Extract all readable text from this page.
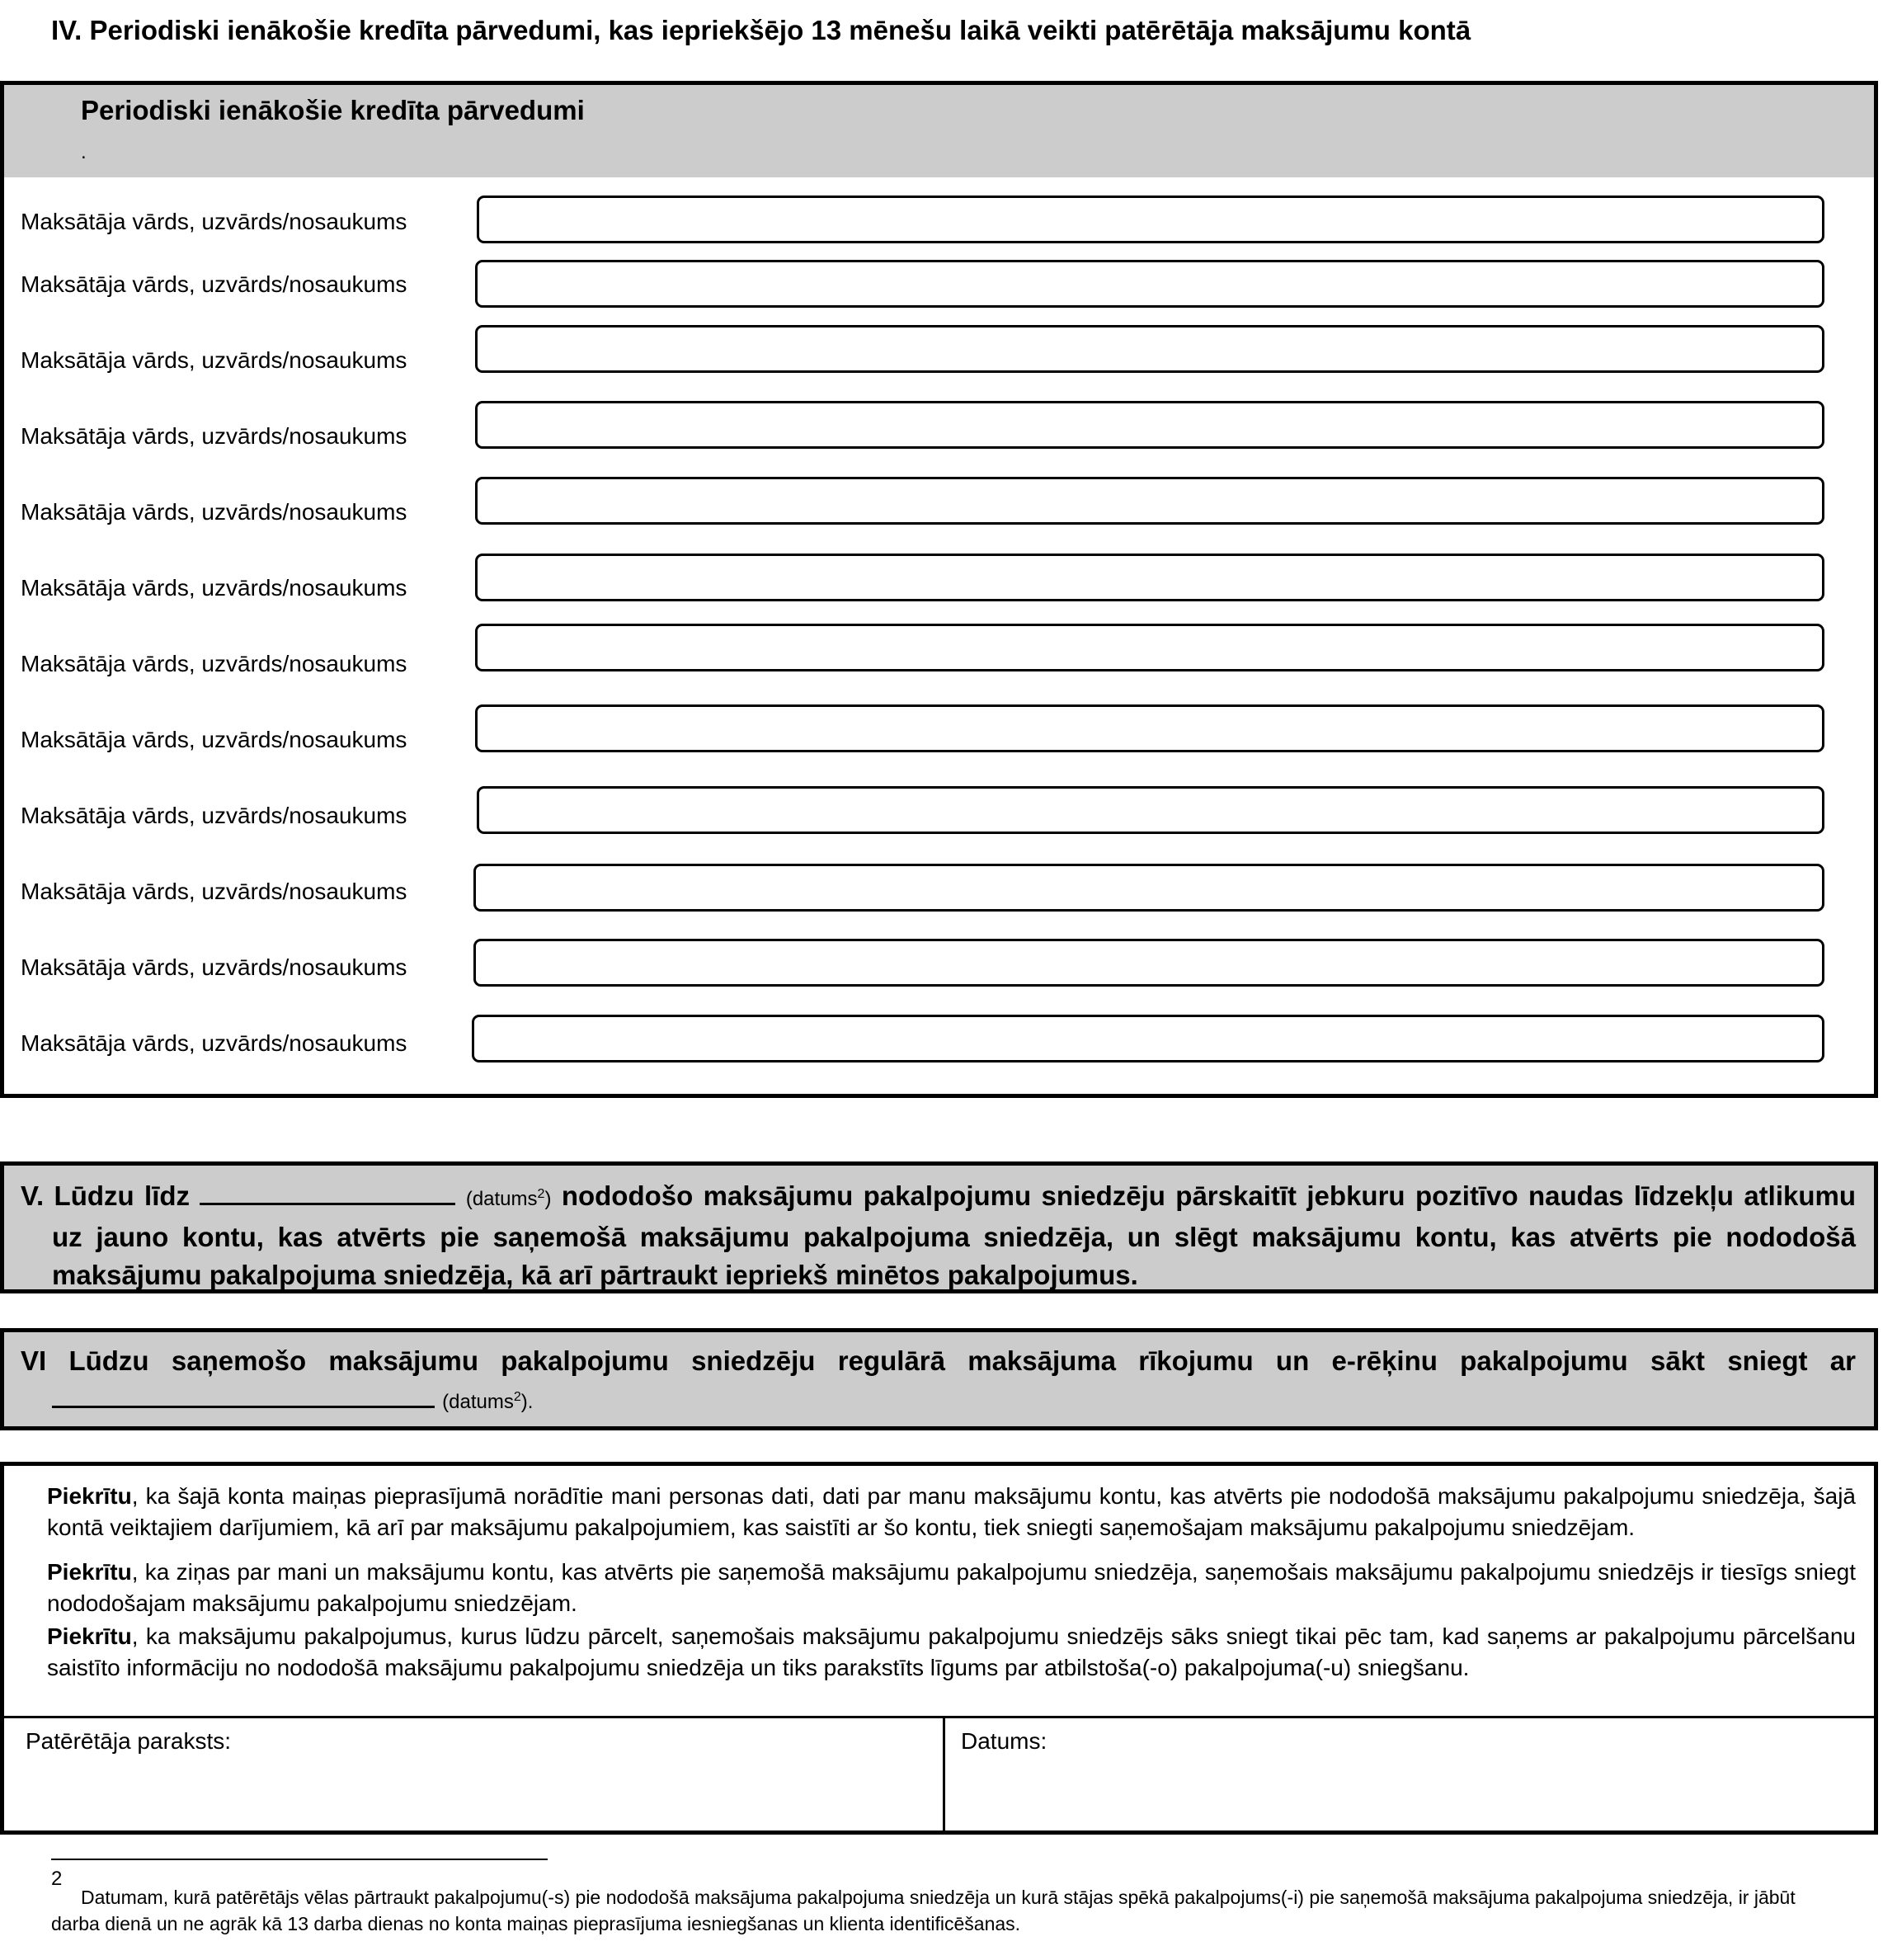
IV. Periodiski ienākošie kredīta pārvedumi, kas iepriekšējo 13 mēnešu laikā veikti patērētāja maksājumu kontā
Periodiski ienākošie kredīta pārvedumi
.
Maksātāja vārds, uzvārds/nosaukums
Maksātāja vārds, uzvārds/nosaukums
Maksātāja vārds, uzvārds/nosaukums
Maksātāja vārds, uzvārds/nosaukums
Maksātāja vārds, uzvārds/nosaukums
Maksātāja vārds, uzvārds/nosaukums
Maksātāja vārds, uzvārds/nosaukums
Maksātāja vārds, uzvārds/nosaukums
Maksātāja vārds, uzvārds/nosaukums
Maksātāja vārds, uzvārds/nosaukums
Maksātāja vārds, uzvārds/nosaukums
Maksātāja vārds, uzvārds/nosaukums
V. Lūdzu līdz	(datums$^2$) nododošo maksājumu pakalpojumu sniedzēju pārskaitīt jebkuru pozitīvo naudas līdzekļu atlikumu uz jauno kontu, kas atvērts pie saņemošā maksājumu pakalpojuma sniedzēja, un slēgt maksājumu kontu, kas atvērts pie nododošā maksājumu pakalpojuma sniedzēja, kā arī pārtraukt iepriekš minētos pakalpojumus.
VI Lūdzu saņemošo maksājumu pakalpojumu sniedzēju regulārā maksājuma rīkojumu un e-rēķinu pakalpojumu sākt sniegt ar  (datums$^2$).
Piekrītu, ka šajā konta maiņas pieprasījumā norādītie mani personas dati, dati par manu maksājumu kontu, kas atvērts pie nododošā maksājumu pakalpojumu sniedzēja, šajā kontā veiktajiem darījumiem, kā arī par maksājumu pakalpojumiem, kas saistīti ar šo kontu, tiek sniegti saņemošajam maksājumu pakalpojumu sniedzējam.
Piekrītu, ka ziņas par mani un maksājumu kontu, kas atvērts pie saņemošā maksājumu pakalpojumu sniedzēja, saņemošais maksājumu pakalpojumu sniedzējs ir tiesīgs sniegt nododošajam maksājumu pakalpojumu sniedzējam.
Piekrītu, ka maksājumu pakalpojumus, kurus lūdzu pārcelt, saņemošais maksājumu pakalpojumu sniedzējs sāks sniegt tikai pēc tam, kad saņems ar pakalpojumu pārcelšanu saistīto informāciju no nododošā maksājumu pakalpojumu sniedzēja un tiks parakstīts līgums par atbilstoša(-o) pakalpojuma(-u) sniegšanu.
Patērētāja paraksts:	Datums:
2
Datumam, kurā patērētājs vēlas pārtraukt pakalpojumu(-s) pie nododošā maksājuma pakalpojuma sniedzēja un kurā stājas spēkā pakalpojums(-i) pie saņemošā maksājuma pakalpojuma sniedzēja, ir jābūt darba dienā un ne agrāk kā 13 darba dienas no konta maiņas pieprasījuma iesniegšanas un klienta identificēšanas.
